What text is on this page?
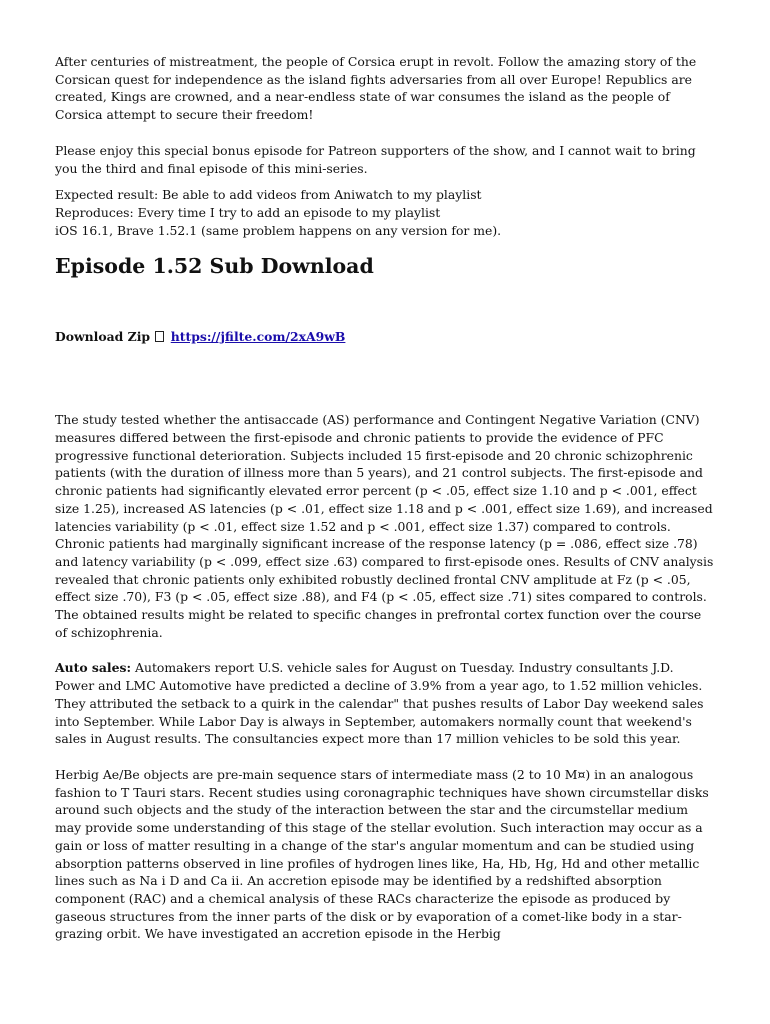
After centuries of mistreatment, the people of Corsica erupt in revolt. Follow the amazing story of the Corsican quest for independence as the island fights adversaries from all over Europe! Republics are created, Kings are crowned, and a near-endless state of war consumes the island as the people of Corsica attempt to secure their freedom!

Please enjoy this special bonus episode for Patreon supporters of the show, and I cannot wait to bring you the third and final episode of this mini-series.

Expected result: Be able to add videos from Aniwatch to my playlist
Reproduces: Every time I try to add an episode to my playlist
iOS 16.1, Brave 1.52.1 (same problem happens on any version for me).

Episode 1.52 Sub Download
Download Zip https://jfilte.com/2xA9wB

The study tested whether the antisaccade (AS) performance and Contingent Negative Variation (CNV) measures differed between the first-episode and chronic patients to provide the evidence of PFC progressive functional deterioration. Subjects included 15 first-episode and 20 chronic schizophrenic patients (with the duration of illness more than 5 years), and 21 control subjects. The first-episode and chronic patients had significantly elevated error percent (p < .05, effect size 1.10 and p < .001, effect size 1.25), increased AS latencies (p < .01, effect size 1.18 and p < .001, effect size 1.69), and increased latencies variability (p < .01, effect size 1.52 and p < .001, effect size 1.37) compared to controls. Chronic patients had marginally significant increase of the response latency (p = .086, effect size .78) and latency variability (p < .099, effect size .63) compared to first-episode ones. Results of CNV analysis revealed that chronic patients only exhibited robustly declined frontal CNV amplitude at Fz (p < .05, effect size .70), F3 (p < .05, effect size .88), and F4 (p < .05, effect size .71) sites compared to controls. The obtained results might be related to specific changes in prefrontal cortex function over the course of schizophrenia.

Auto sales: Automakers report U.S. vehicle sales for August on Tuesday. Industry consultants J.D. Power and LMC Automotive have predicted a decline of 3.9% from a year ago, to 1.52 million vehicles. They attributed the setback to a quirk in the calendar" that pushes results of Labor Day weekend sales into September. While Labor Day is always in September, automakers normally count that weekend's sales in August results. The consultancies expect more than 17 million vehicles to be sold this year.

Herbig Ae/Be objects are pre-main sequence stars of intermediate mass (2 to 10 M¤) in an analogous fashion to T Tauri stars. Recent studies using coronagraphic techniques have shown circumstellar disks around such objects and the study of the interaction between the star and the circumstellar medium may provide some understanding of this stage of the stellar evolution. Such interaction may occur as a gain or loss of matter resulting in a change of the star's angular momentum and can be studied using absorption patterns observed in line profiles of hydrogen lines like, Ha, Hb, Hg, Hd and other metallic lines such as Na i D and Ca ii. An accretion episode may be identified by a redshifted absorption component (RAC) and a chemical analysis of these RACs characterize the episode as produced by gaseous structures from the inner parts of the disk or by evaporation of a comet-like body in a star-grazing orbit. We have investigated an accretion episode in the Herbig
